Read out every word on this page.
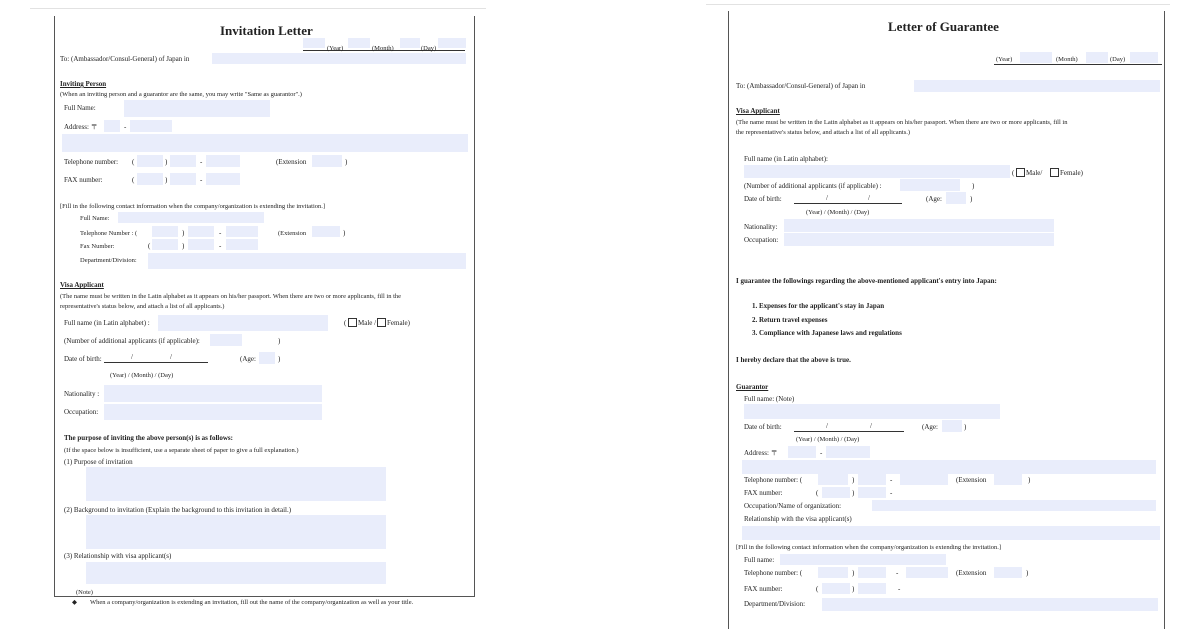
Invitation Letter
(Year)	(Month)	(Day)
To: (Ambassador/Consul-General) of Japan in
Inviting Person
(When an inviting person and a guarantor are the same, you may write "Same as guarantor".)
Full Name:
Address: 〒	-
Telephone number: (	)	-	(Extension	)
FAX number:	(	)	-
[Fill in the following contact information when the company/organization is extending the invitation.]
Full Name:
Telephone Number : (	)	-	(Extension	)
Fax Number:	(	)	-
Department/Division:
Visa Applicant
(The name must be written in the Latin alphabet as it appears on his/her passport. When there are two or more applicants, fill in the
representative's status below, and attach a list of all applicants.)
Full name (in Latin alphabet) :	( Male / Female)
(Number of additional applicants (if applicable):	)
Date of birth:	/	/	(Age:	)
(Year) / (Month) / (Day)
Nationality :
Occupation:
The purpose of inviting the above person(s) is as follows:
(If the space below is insufficient, use a separate sheet of paper to give a full explanation.)
(1) Purpose of invitation
(2) Background to invitation (Explain the background to this invitation in detail.)
(3) Relationship with visa applicant(s)
(Note)
◆ When a company/organization is extending an invitation, fill out the name of the company/organization as well as your title.
Letter of Guarantee
(Year)	(Month)	(Day)
To: (Ambassador/Consul-General) of Japan in
Visa Applicant
(The name must be written in the Latin alphabet as it appears on his/her passport. When there are two or more applicants, fill in
the representative's status below, and attach a list of all applicants.)
Full name (in Latin alphabet):
( Male/	Female)
(Number of additional applicants (if applicable) :	)
Date of birth:	/	/	(Age:	)
(Year) / (Month) / (Day)
Nationality:
Occupation:
I guarantee the followings regarding the above-mentioned applicant's entry into Japan:
1. Expenses for the applicant's stay in Japan
2. Return travel expenses
3. Compliance with Japanese laws and regulations
I hereby declare that the above is true.
Guarantor
Full name: (Note)
Date of birth:	/	/	(Age:	)
(Year) / (Month) / (Day)
Address: 〒	-
Telephone number: (	)	-	(Extension	)
FAX number:	(	)	-
Occupation/Name of organization:
Relationship with the visa applicant(s)
[Fill in the following contact information when the company/organization is extending the invitation.]
Full name:
Telephone number: (	)	-	(Extension	)
FAX number:	(	)	-
Department/Division:
